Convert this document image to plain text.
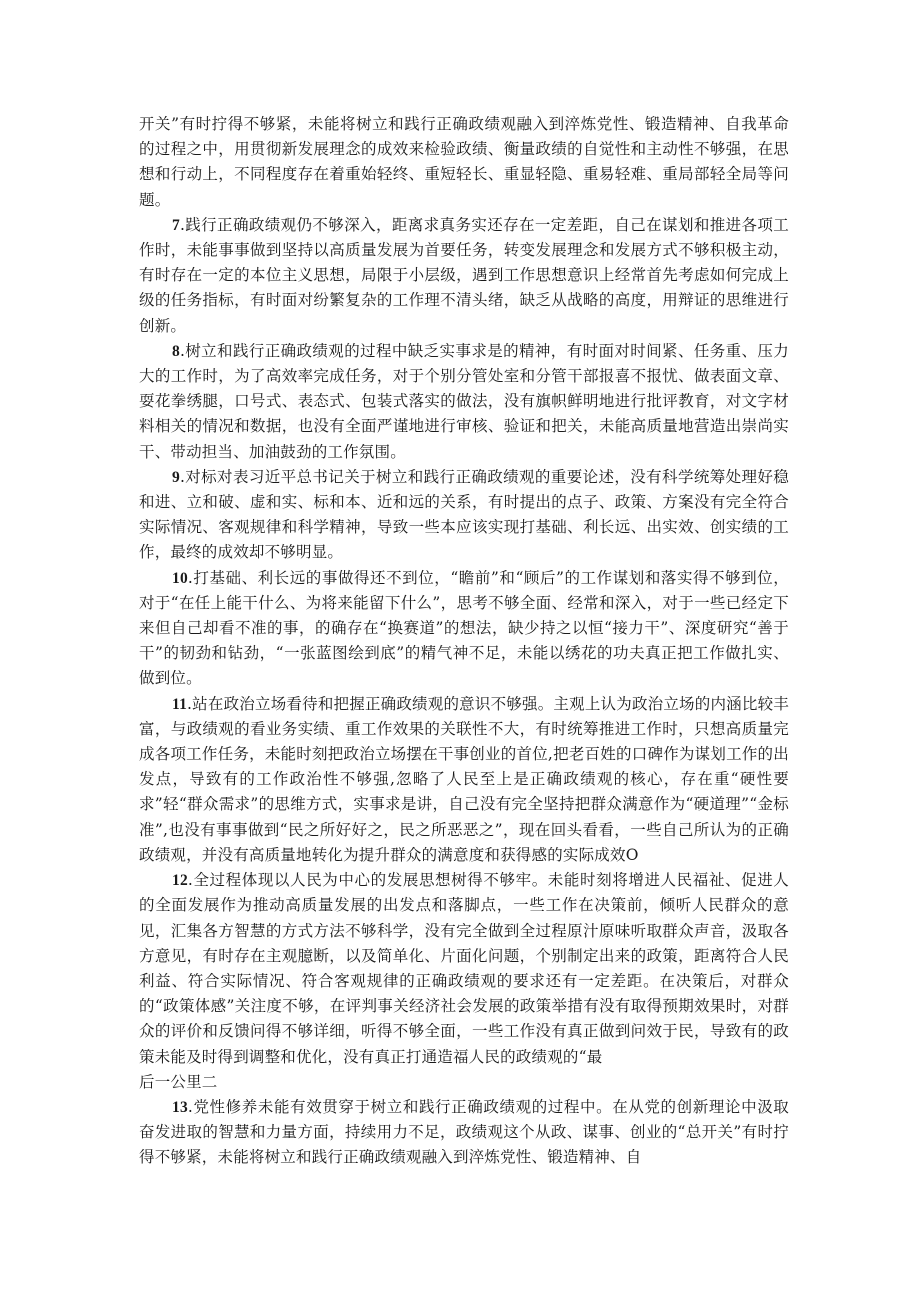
开关”有时拧得不够紧，未能将树立和践行正确政绩观融入到淬炼党性、锻造精神、自我革命的过程之中，用贯彻新发展理念的成效来检验政绩、衡量政绩的自觉性和主动性不够强，在思想和行动上，不同程度存在着重始轻终、重短轻长、重显轻隐、重易轻难、重局部轻全局等问题。

7.践行正确政绩观仍不够深入，距离求真务实还存在一定差距，自己在谋划和推进各项工作时，未能事事做到坚持以高质量发展为首要任务，转变发展理念和发展方式不够积极主动，有时存在一定的本位主义思想，局限于小层级，遇到工作思想意识上经常首先考虑如何完成上级的任务指标，有时面对纷繁复杂的工作理不清头绪，缺乏从战略的高度，用辩证的思维进行创新。

8.树立和践行正确政绩观的过程中缺乏实事求是的精神，有时面对时间紧、任务重、压力大的工作时，为了高效率完成任务，对于个别分管处室和分管干部报喜不报忧、做表面文章、耍花拳绣腿，口号式、表态式、包装式落实的做法，没有旗帜鲜明地进行批评教育，对文字材料相关的情况和数据，也没有全面严谨地进行审核、验证和把关，未能高质量地营造出崇尚实干、带动担当、加油鼓劲的工作氛围。

9.对标对表习近平总书记关于树立和践行正确政绩观的重要论述，没有科学统筹处理好稳和进、立和破、虚和实、标和本、近和远的关系，有时提出的点子、政策、方案没有完全符合实际情况、客观规律和科学精神，导致一些本应该实现打基础、利长远、出实效、创实绩的工作，最终的成效却不够明显。

10.打基础、利长远的事做得还不到位，“瞻前”和“顾后”的工作谋划和落实得不够到位，对于“在任上能干什么、为将来能留下什么”，思考不够全面、经常和深入，对于一些已经定下来但自己却看不准的事，的确存在“换赛道”的想法，缺少持之以恒“接力干”、深度研究“善于干”的韧劲和钻劲，“一张蓝图绘到底”的精气神不足，未能以绣花的功夫真正把工作做扎实、做到位。

11.站在政治立场看待和把握正确政绩观的意识不够强。主观上认为政治立场的内涵比较丰富，与政绩观的看业务实绩、重工作效果的关联性不大，有时统筹推进工作时，只想高质量完成各项工作任务，未能时刻把政治立场摆在干事创业的首位,把老百姓的口碑作为谋划工作的出发点，导致有的工作政治性不够强,忽略了人民至上是正确政绩观的核心，存在重“硬性要求”轻“群众需求”的思维方式，实事求是讲，自己没有完全坚持把群众满意作为“硬道理”“金标准”,也没有事事做到“民之所好好之，民之所恶恶之”，现在回头看看，一些自己所认为的正确政绩观，并没有高质量地转化为提升群众的满意度和获得感的实际成效O

12.全过程体现以人民为中心的发展思想树得不够牢。未能时刻将增进人民福祉、促进人的全面发展作为推动高质量发展的出发点和落脚点，一些工作在决策前，倾听人民群众的意见，汇集各方智慧的方式方法不够科学，没有完全做到全过程原汁原味听取群众声音，汲取各方意见，有时存在主观臆断，以及简单化、片面化问题，个别制定出来的政策，距离符合人民利益、符合实际情况、符合客观规律的正确政绩观的要求还有一定差距。在决策后，对群众的“政策体感”关注度不够，在评判事关经济社会发展的政策举措有没有取得预期效果时，对群众的评价和反馈问得不够详细，听得不够全面，一些工作没有真正做到问效于民，导致有的政策未能及时得到调整和优化，没有真正打通造福人民的政绩观的“最

后一公里二

13.党性修养未能有效贯穿于树立和践行正确政绩观的过程中。在从党的创新理论中汲取奋发进取的智慧和力量方面，持续用力不足，政绩观这个从政、谋事、创业的“总开关”有时拧得不够紧，未能将树立和践行正确政绩观融入到淬炼党性、锻造精神、自
